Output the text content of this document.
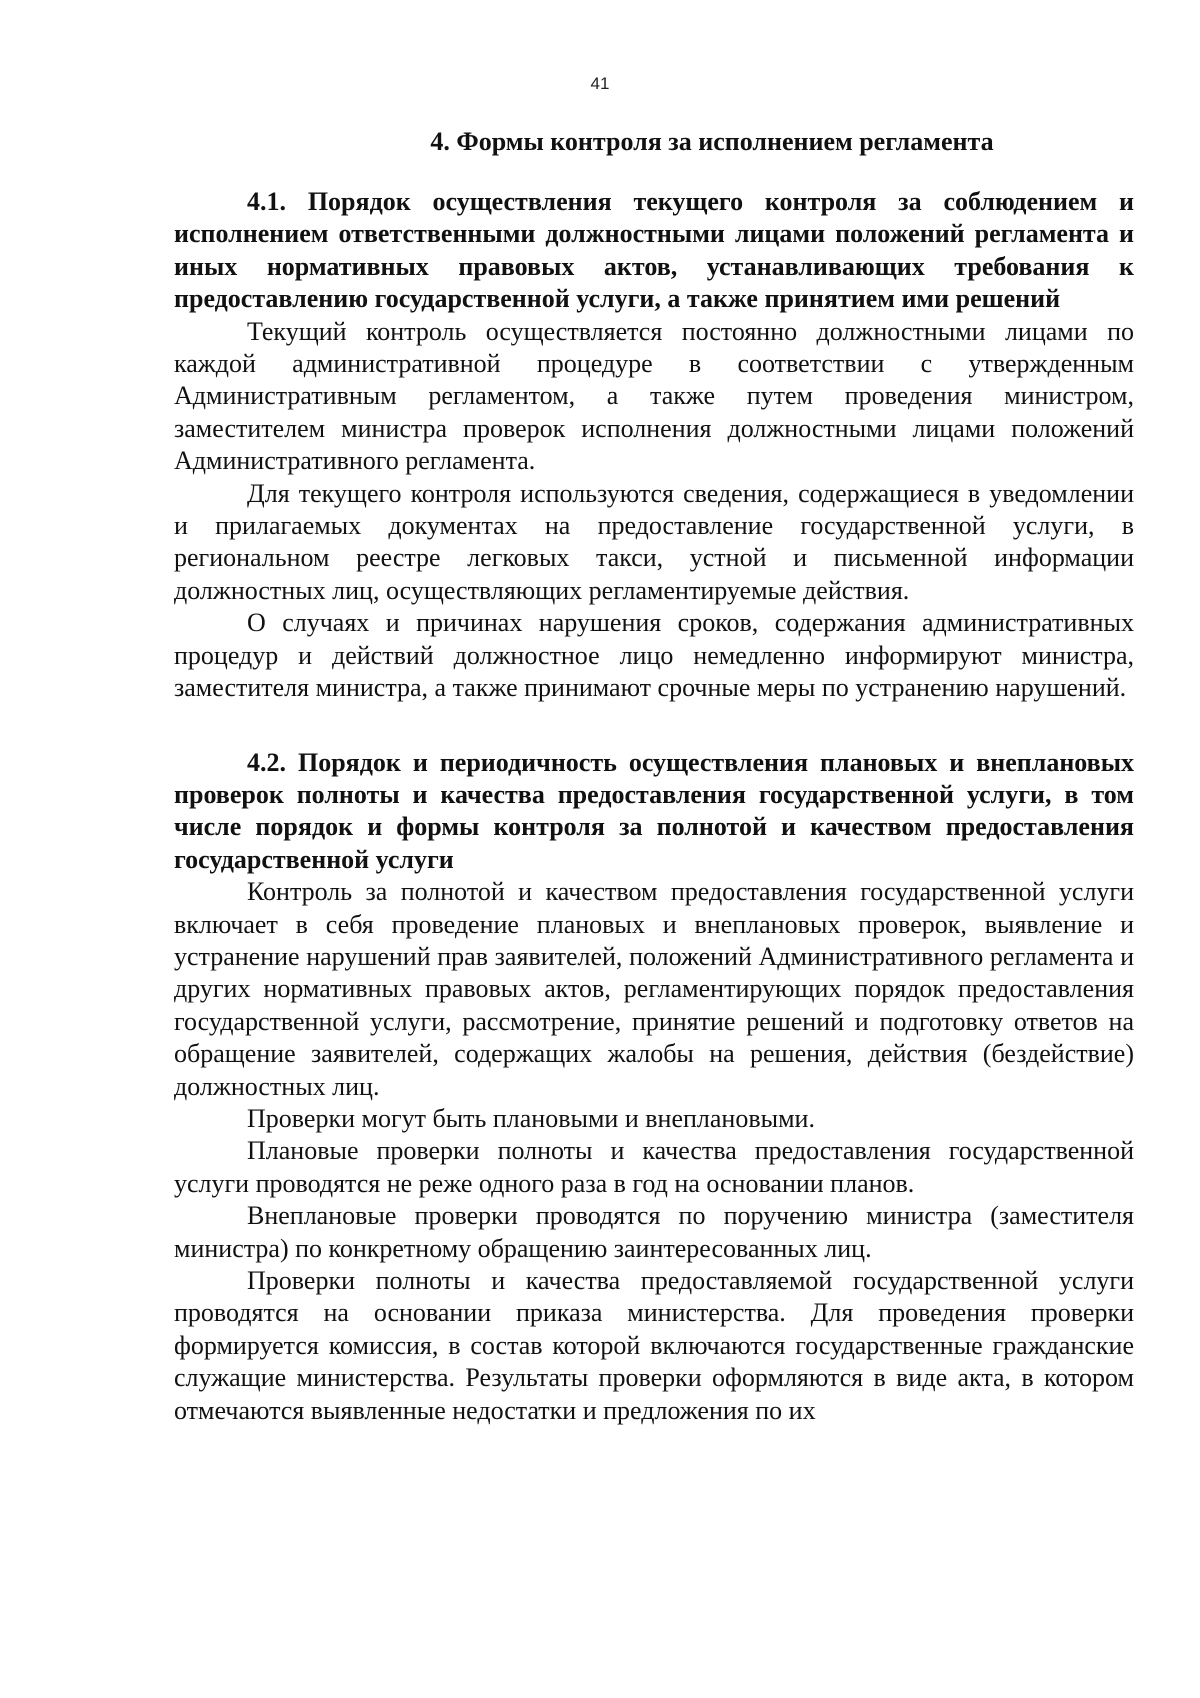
41
4. Формы контроля за исполнением регламента

4.1. Порядок осуществления текущего контроля за соблюдением и исполнением ответственными должностными лицами положений регламента и иных нормативных правовых актов, устанавливающих требования к предоставлению государственной услуги, а также принятием ими решений

Текущий контроль осуществляется постоянно должностными лицами по каждой административной процедуре в соответствии с утвержденным Административным регламентом, а также путем проведения министром, заместителем министра проверок исполнения должностными лицами положений Административного регламента.

Для текущего контроля используются сведения, содержащиеся в уведомлении и прилагаемых документах на предоставление государственной услуги, в региональном реестре легковых такси, устной и письменной информации должностных лиц, осуществляющих регламентируемые действия.

О случаях и причинах нарушения сроков, содержания административных процедур и действий должностное лицо немедленно информируют министра, заместителя министра, а также принимают срочные меры по устранению нарушений.

4.2. Порядок и периодичность осуществления плановых и внеплановых проверок полноты и качества предоставления государственной услуги, в том числе порядок и формы контроля за полнотой и качеством предоставления государственной услуги

Контроль за полнотой и качеством предоставления государственной услуги включает в себя проведение плановых и внеплановых проверок, выявление и устранение нарушений прав заявителей, положений Административного регламента и других нормативных правовых актов, регламентирующих порядок предоставления государственной услуги, рассмотрение, принятие решений и подготовку ответов на обращение заявителей, содержащих жалобы на решения, действия (бездействие) должностных лиц.

Проверки могут быть плановыми и внеплановыми.

Плановые проверки полноты и качества предоставления государственной услуги проводятся не реже одного раза в год на основании планов.

Внеплановые проверки проводятся по поручению министра (заместителя министра) по конкретному обращению заинтересованных лиц.

Проверки полноты и качества предоставляемой государственной услуги проводятся на основании приказа министерства. Для проведения проверки формируется комиссия, в состав которой включаются государственные гражданские служащие министерства. Результаты проверки оформляются в виде акта, в котором отмечаются выявленные недостатки и предложения по их
